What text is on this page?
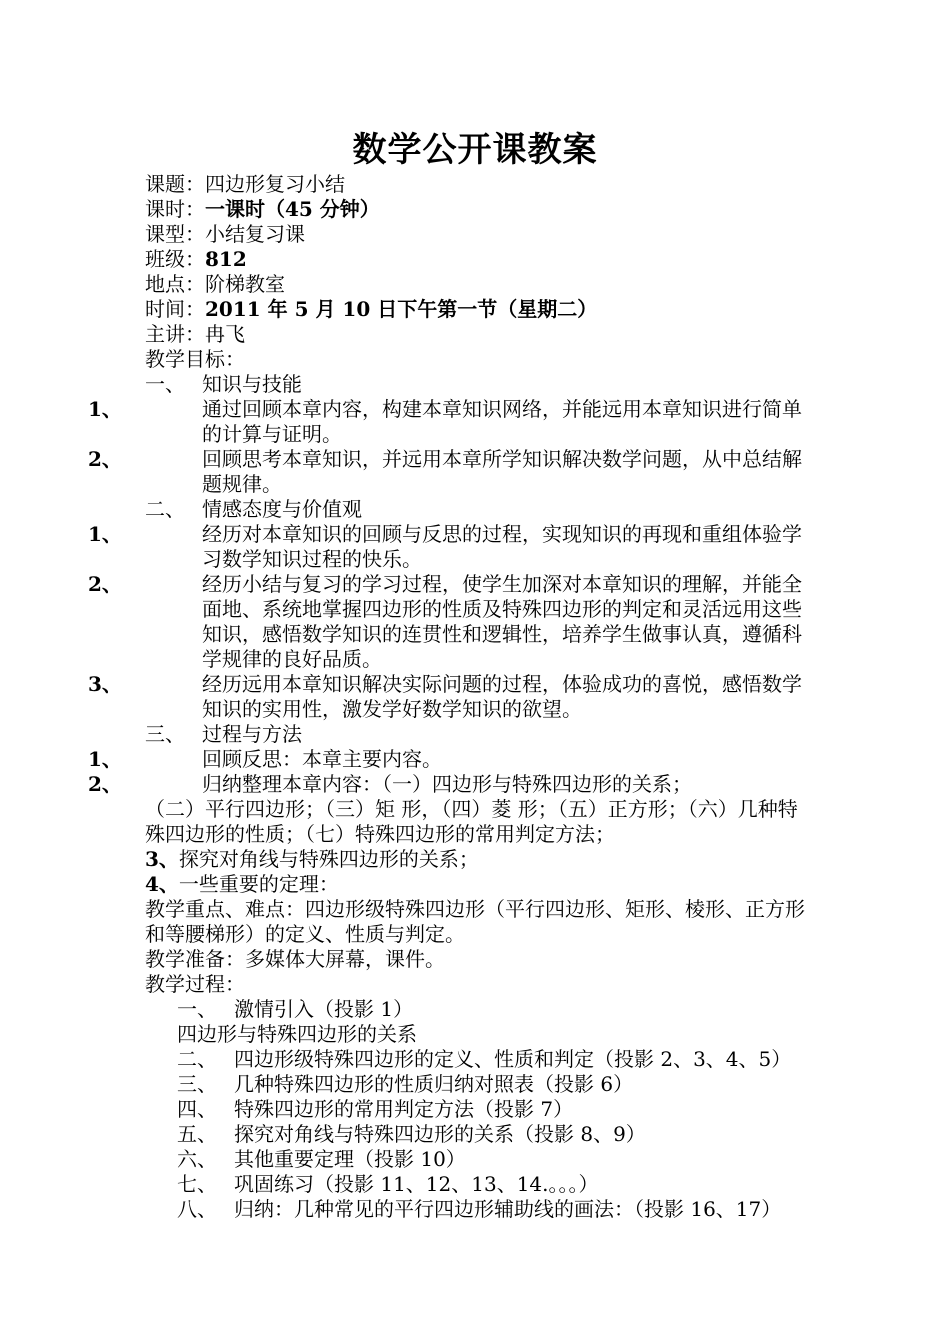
数学公开课教案
课题：四边形复习小结
课时：一课时（45 分钟）
课型：小结复习课
班级：812
地点：阶梯教室
时间：2011 年 5 月 10 日下午第一节（星期二）
主讲：冉飞
教学目标：
一、 知识与技能
1、	通过回顾本章内容，构建本章知识网络，并能远用本章知识进行简单的计算与证明。
2、	回顾思考本章知识，并远用本章所学知识解决数学问题，从中总结解题规律。
二、 情感态度与价值观
1、	经历对本章知识的回顾与反思的过程，实现知识的再现和重组体验学习数学知识过程的快乐。
2、	经历小结与复习的学习过程，使学生加深对本章知识的理解，并能全面地、系统地掌握四边形的性质及特殊四边形的判定和灵活远用这些知识，感悟数学知识的连贯性和逻辑性，培养学生做事认真，遵循科学规律的良好品质。
3、	经历远用本章知识解决实际问题的过程，体验成功的喜悦，感悟数学知识的实用性，激发学好数学知识的欲望。
三、 过程与方法
1、	回顾反思：本章主要内容。
2、	归纳整理本章内容：（一）四边形与特殊四边形的关系；
（二）平行四边形；（三）矩 形，（四）菱 形；（五）正方形；（六）几种特殊四边形的性质；（七）特殊四边形的常用判定方法；
3、探究对角线与特殊四边形的关系；
4、一些重要的定理：
教学重点、难点：四边形级特殊四边形（平行四边形、矩形、棱形、正方形和等腰梯形）的定义、性质与判定。
教学准备：多媒体大屏幕，课件。
教学过程：
一、 激情引入（投影 1）
四边形与特殊四边形的关系
二、 四边形级特殊四边形的定义、性质和判定（投影 2、3、4、5）
三、 几种特殊四边形的性质归纳对照表（投影 6）
四、 特殊四边形的常用判定方法（投影 7）
五、 探究对角线与特殊四边形的关系（投影 8、9）
六、 其他重要定理（投影 10）
七、 巩固练习（投影 11、12、13、14.。。。）
八、 归纳：几种常见的平行四边形辅助线的画法：（投影 16、17）
